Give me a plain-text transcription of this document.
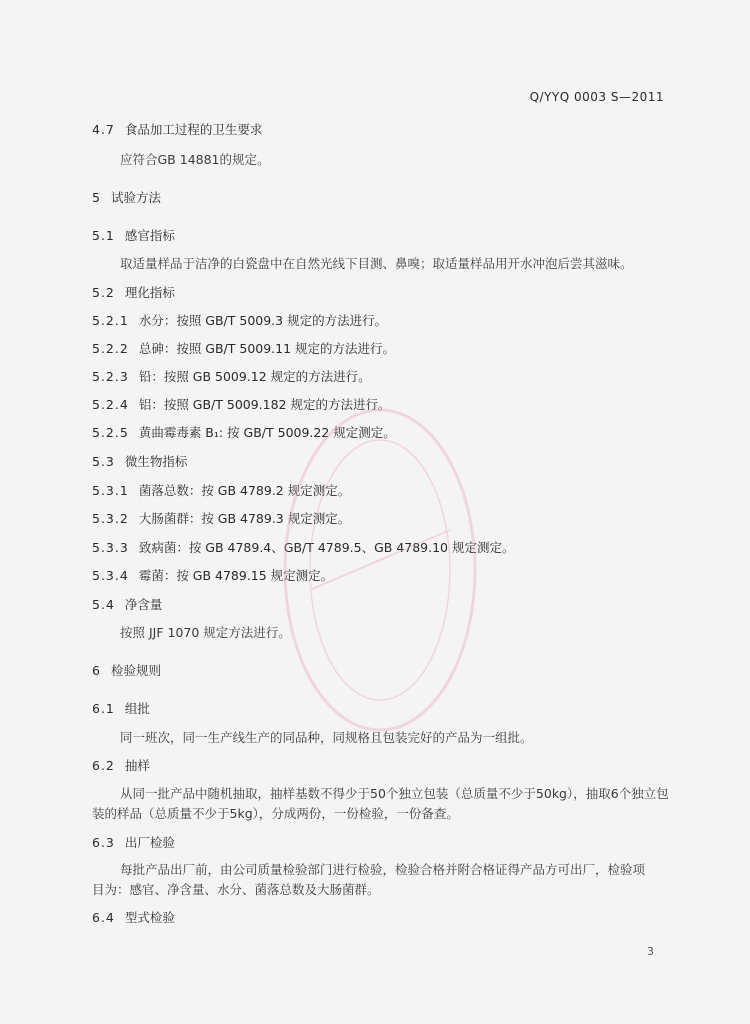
Q/YYQ 0003 S—2011
4.7 食品加工过程的卫生要求
应符合GB 14881的规定。
5 试验方法
5.1 感官指标
取适量样品于洁净的白瓷盘中在自然光线下目测、鼻嗅；取适量样品用开水冲泡后尝其滋味。
5.2 理化指标
5.2.1 水分：按照 GB/T 5009.3 规定的方法进行。
5.2.2 总砷：按照 GB/T 5009.11 规定的方法进行。
5.2.3 铅：按照 GB 5009.12 规定的方法进行。
5.2.4 铝：按照 GB/T 5009.182 规定的方法进行。
5.2.5 黄曲霉毒素 B₁: 按 GB/T 5009.22 规定测定。
5.3 微生物指标
5.3.1 菌落总数：按 GB 4789.2 规定测定。
5.3.2 大肠菌群：按 GB 4789.3 规定测定。
5.3.3 致病菌：按 GB 4789.4、GB/T 4789.5、GB 4789.10 规定测定。
5.3.4 霉菌：按 GB 4789.15 规定测定。
5.4 净含量
按照 JJF 1070 规定方法进行。
6 检验规则
6.1 组批
同一班次，同一生产线生产的同品种，同规格且包装完好的产品为一组批。
6.2 抽样
从同一批产品中随机抽取，抽样基数不得少于50个独立包装（总质量不少于50kg），抽取6个独立包
装的样品（总质量不少于5kg），分成两份，一份检验，一份备查。
6.3 出厂检验
每批产品出厂前，由公司质量检验部门进行检验，检验合格并附合格证得产品方可出厂，检验项
目为：感官、净含量、水分、菌落总数及大肠菌群。
6.4 型式检验
3
